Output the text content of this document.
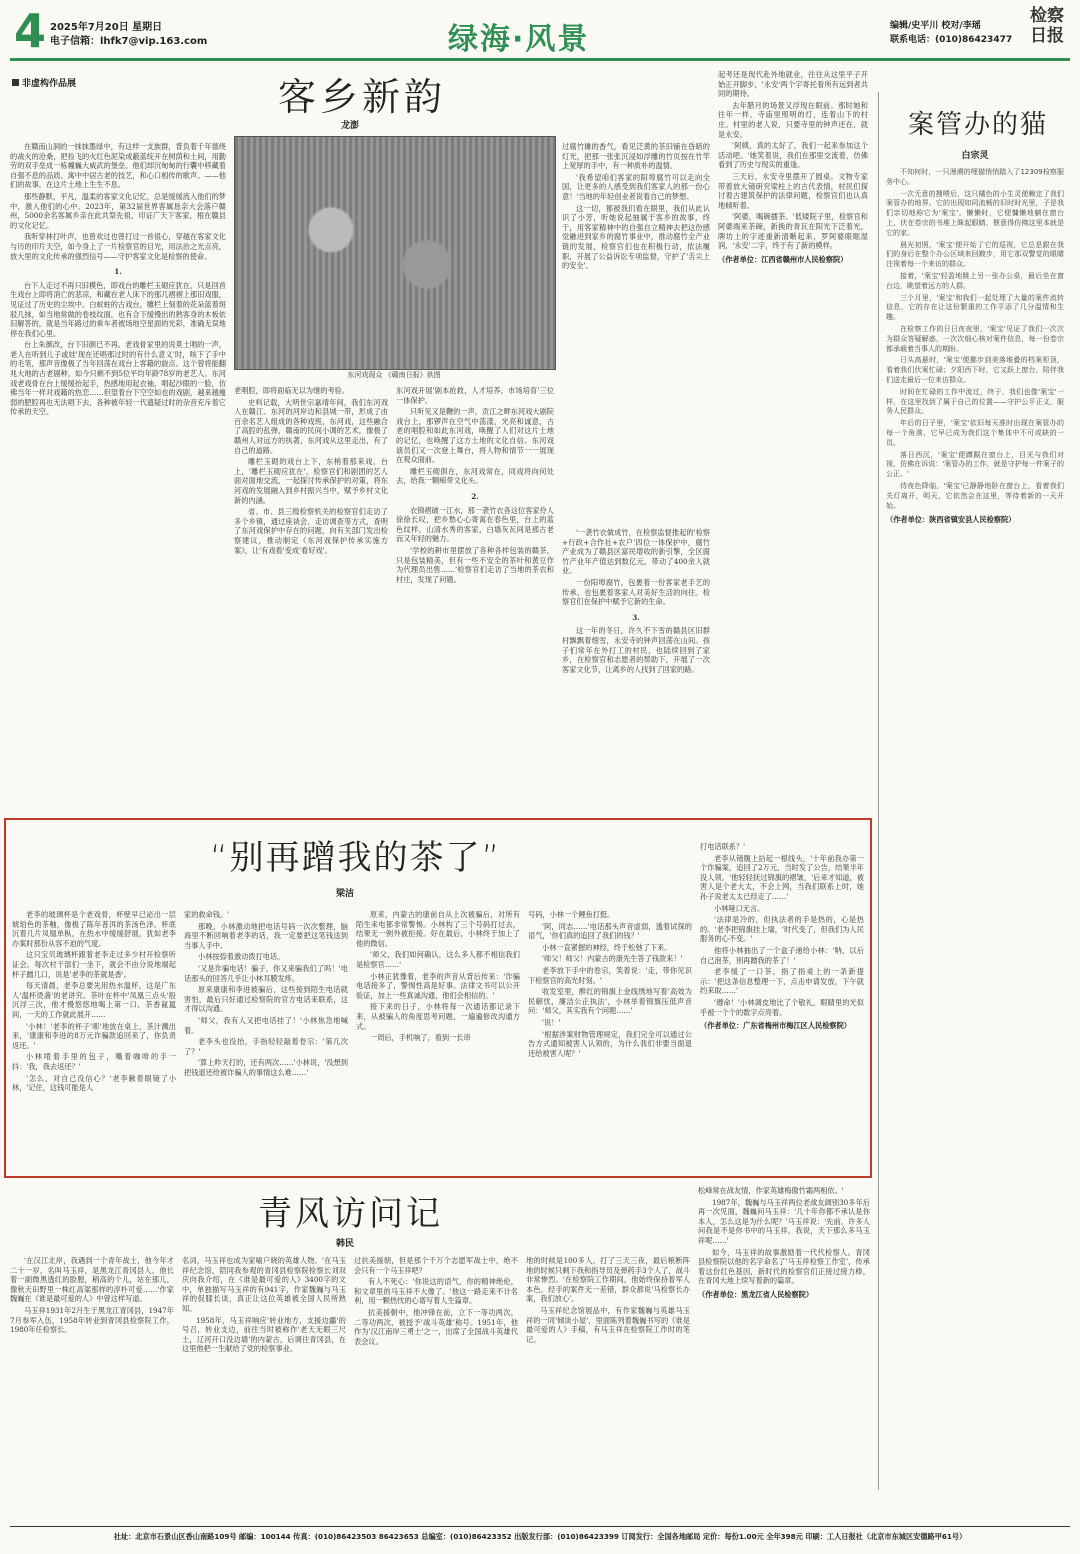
4 2025年7月20日 星期日
电子信箱：lhfk7@vip.163.com	绿海·风景	编辑/史平川 校对/李瑶
联系电话：(010)86423477
检察日报
非虚构作品展	客乡新韵
龙澎
东河戏现众 《赣南日报》供图

在赣南山洞的一抹抹墨绿中，有这样一支族群，背负着千年德绕的战火的沧桑，把捡飞的火红色泥染成蔽蓝绽开在树荫和土间，用勤劳的双手垒成一栋幢巍大威武的堡垒。他们却沉甸甸的行囊中移藏着自强不息的品质、寓中中居古老的技艺，和心口相传的歌声。——他们的故事，在这片土地上生生不息。

那些静默，平凡，温柔的客家文化记忆，总是缓缓流入他们的梦中，激入他们的心中。2023年，第32届世界客属恳亲大会落户赣州，5000余名客属乡亲在此共祭先祖，印证广天下客家，根在赣县的文化记忆。

我听穿林打叶声，也曾欢过也曾打过一首很心，穿越在客家文化与历的印片天空，如今身上了一片检察官的目光，用法治之光点亮，放大里的文化传承的强烈信号——守护客家文化是检察的使命。

1.

台下人走过不再只旧模色，即戏台的雕栏玉砌应犹在，只是回首生戏台上即将消亡的悲凉，和藏在老人床下的那几褶褶上那旧戏服，见证过了历史的尘埃中。白蚁蛀的古戏台，雕栏上刻着的花朵蓝着斑驳几抹，如当地常做的卷枝纹面，也有合下缓慢出的熟客身的木板依旧解答的，就是当年路过的乘车者被场地空星面的光彩，准确无误地停在我们心里。

台上朱颜改，台下旧颜已不再。老戏骨家里的说莫土唱的一声，老人在听到儿子或娃'现在还唱那过时的有什么意义'时，咳下了手中的毛笔，那声音像极了当年回荡在戏台上客籍的旋点。这个曾将能翻兆大地的古老剧种，如今只剩不到5位平均年龄78岁的老艺人。东河戏老戏骨在台上缓缓抬起手，热感地用起衣袖，唱起沙眼的一脸，仿佛当年一样对戏籍的热恋……但望着台下空空如也的戏剧，越来越瘦弱的肥腔再也无法唱下去，各种被年轻一代遗疑过时的杂音充斥着它传承的天空。

老唱腔，即将面临无以为继的考验。

史料记载，大明世宗嘉靖年间，我们东河戏人在赣江、东河的河岸边和县城一带，形成了由百余名艺人组成的各种戏班，东河戏，这些融合了高腔的乱弹，赣南的民间小调的艺术，像极了赣州人对远方的执著，东河戏从这里走出，有了自己的道路。

雕栏玉砌的戏台上下，东梢着那来戏，台上，'雕栏玉砌应犹在'，检察官们和剧团的艺人面对面地交流，一起探讨传承保护的对策，将东河戏的发展融入到乡村振兴当中，赋予乡村文化新的内涵。

省、市、县三级检察机关的检察官们走访了多个乡镇，通过座谈会、走访调查等方式，查明了东河戏保护中存在的问题，向有关部门发出检察建议，推动制定《东河戏保护传承实施方案》，让'有戏看'变成'看好戏'。

东河戏开展'剧本抢救，人才培养，市场培育'三位一体保护。

只听见又是鞭的一声，贡江之畔东河戏大剧院戏台上，那锣声在空气中荡漾，光亮和诚意，古老的唱腔和如此东河戏，唤醒了人们对这片土地的记忆，也唤醒了这方土地的文化自信。东河戏演员们又一次登上舞台，将人物和情节一一展现在观众面前。

雕栏玉砌俱在，东河戏常在，同戏将向何处去，给我一颗痴带文化头。

2.

衣锦褶破一江水，那一袭竹衣各这位客家伶人徐徐长叹，把乡愁心心寄寓在春色里，台上的蓝色纹样，山清水秀的客家，白墙灰瓦间是那古老而又年轻的魅力。

'学校的耕市里摆放了各种各样包装的赣茶，只是包装精美，但有一些不安全的茶叶和黄豆作为代理员出售……'检察官们走访了当地的茶农和村庄，发现了问题。

过腐竹摊的香气，看见泛黄的茶旧铺在昏暗的灯光，把那一张张沉浸如浮雕的竹页按在竹竿上宽厚的手中，有一种质朴的温情。

'我希望咱们客家的阳埠腐竹可以走向全国，让更多的人感受到我们客家人的那一份心意！'当地的年轻创业者说着自己的梦想。

这一切，都被我们看在眼里，我们从此认识了小芳，听她说起抽属于客乡的故事，终于，用客家精神中的自强自立精神去把这份感觉融进到家乡的腐竹事业中，推动腐竹全产业链的发展，检察官们也在积极行动，依法履职，开展了公益诉讼专项监督，守护了'舌尖上的安全'。

'一袭竹衣做成竹，在检察监督推起的'检察+行政+合作社+农户'四位一体保护中，腐竹产业成为了赣县区富民增收的新引擎，全区腐竹产业年产值达到数亿元，带动了400余人就业。

一份阳埠腐竹，包裹着一份客家老手艺的传承，也包裹着客家人对美好生活的向往。检察官们在保护中赋予它新的生命。

3.

这一年的冬日，许久不下雪的赣县区旧群村飘飘着细雪，永安寺的钟声回荡在山间。孩子们常年在外打工的村民，也陆续回到了家乡，在检察官和志愿者的帮助下，开展了一次客家文化节，让离乡的人找到了回家的路。

起考还是现代赴外地就业，往往从这里平子开始正开脚步，'永安'两个字寄托着所有远到者共同的期待。

去年腊月的场景又浮现在眼前。那时她和往年一样，寺庙里照明的灯，连着山下的村庄。村里的老人说，只要寺里的钟声还在，就是永安。

'阿姨，真的太好了，我们一起来参加这个活动吧。'她笑着说，我们在那里交流着，仿佛看到了历史与现实的重逢。

三天后，永安寺里摆开了圆桌。文物专家带着放大镜研究梁柱上的古代表情，村民们探讨着古建筑保护的法律问题，检察官们也认真地倾听着。

'阿婆，喝碗擂茶。'低矮院子里，检察官和阿婆端来茶碗，新换的青瓦在阳光下泛着光，牌坊上的字迹重新清晰起来，罗阿婆眼眶湿润，'永安'二字，终于有了新的模样。

（作者单位：江西省赣州市人民检察院）
案管办的猫
白宗灵

不知何时，一只漫溯的哩猫悄悄踏入了12309检察服务中心。

一次无意的搜喂后，这只橘色的小生灵便赖定了我们案管办的地界。它的出现如同流畅的旧时时光里，子是我们亲切地称它为'案宝'。懒懒时，它便慵懒地躺在窗台上，伏在卷宗的书堆上眯起眼睛，惬意得仿佛这里本就是它的家。

晨光初照，'案宝'便开始了它的巡视，它总是跟在我们的身后在整个办公区域来回踱步，用它那双警觉的眼睛注视着每一个来访的群众。

接着，'案宝'轻盈地跳上另一张办公桌，最后坐在窗台边，眺望着远方的人群。

三个月里，'案宝'和我们一起处理了大量的案件流转信息，它的存在让这份繁重的工作平添了几分温情和生趣。

在检察工作的日日夜夜里，'案宝'见证了我们一次次为群众答疑解惑，一次次细心核对案件信息，每一份卷宗都承载着当事人的期盼。

日头高悬时，'案宝'便挪步到美落堆叠的档案柜顶，看着我们伏案忙碌；夕阳西下时，它又跃上窗台，陪伴我们送走最后一位来访群众。

时间在忙碌的工作中流过，终于，我们也像'案宝'一样，在这里找到了属于自己的位置——守护公平正义，服务人民群众。

年后的日子里，'案宝'依旧每天准时出现在案管办的每一个角落，它早已成为我们这个集体中不可或缺的一员。

落日西沉，'案宝'便蹲踞在窗台上，目光与我们对视，仿佛在诉说：'案管办的工作，就是守护每一件案子的公正。'

待夜色降临，'案宝'已静静地卧在窗台上，看着我们关灯离开，明天，它依然会在这里，等待着新的一天开始。

（作者单位：陕西省镇安县人民检察院）
“别再蹭我的茶了”
梁洁

老李的玻璃杯是个老戏骨，杯壁早已泌出一层琥珀色的茶釉，像极了陈年普洱的茶汤色泽。杯底沉着几片凤凰单枞，在热水中缓缓舒展，犹如老李办案时那份从容不迫的气度。

这只宝贝玻璃杯跟着老李走过多少村开检察听证会。每次村干部们一坐下，就会不由分说地端起杯子蹭几口，说是'老李的茶就是香'。

每天清晨，老李总要先用热水温杯，这是广东人'温杯烫盏'的老讲究。茶叶在杯中'凤凰三点头'般沉浮三次，他才慢悠悠地喝上第一口，茶香氤氲间，一天的工作就此展开……

'小林！'老李的杯子'嘭'地放在桌上，茶汁溅出来，'康康和李进的8万元诈骗款追回来了，你负责返还。'

小林啃着手里的包子，嘴着咖啡的手一抖：'我，我去返还？'

'怎么，对自己没信心？'老李瞅着眼镜了小林，'记住，这钱可能是人

家的救命钱。'

那晚，小林激动地把电话号码一次次整理，脑海里不断回响着老李的话，我一定要把这笔钱送到当事人手中。

小林按捺着激动拨打电话。

'又是诈骗电话！骗子，你又来骗我们了吗！'电话那头的回答几乎让小林耳膜发疼。

原来康康和李进被骗后，这些接到陌生电话就害怕，最后只好通过检察院的官方电话来联系，这才得以沟通。

'师父，我有人又把电话挂了！'小林焦急地喊着。

老李头也没抬，手指轻轻敲着卷宗：'第几次了？'

'算上昨天打的，还有两次……'小林说，'没想到把钱退还给被诈骗人的事情这么难……'

原来，内蒙古的康前自从上次被骗后，对所有陌生来电都非常警惕。小林构了三个号码打过去，结果无一例外被拒接。好在最后，小林终于加上了他的微信。

'师父，我们如何确认，这么多人都不相信我们是检察官……'

小林正犹豫着，老李的声音从背后传来：'诈骗电话接多了，警惕性高是好事。法律文书可以公开验证，加上一些真诚沟通，他们会相信的。'

接下来的日子，小林将每一次通话都记录下来，从被骗人的角度思考问题，一遍遍修改沟通方式。

一周后，手机响了，看到一长串

号码，小林一个鲤鱼打挺。

'阿，同志……'电话那头声音虚弱，透着试探的语气，'你们真的追回了我们的钱？'

小林一直紧握的神经，终于松弛了下来。

'师父！师父！内蒙古的康先生答了钱款来！'

老李放下手中的卷宗，笑着说：'走，带你见识下检察官的高光时刻。'

收发室里，醉红的锦旗上金线绣地写着'高效为民解忧，廉洁公正执法'，小林举着锦旗压低声音问：'师父，其实我有个问题……'

'说！'

'根据涉案财物管理规定，我们完全可以通过公告方式通知被害人认领的，为什么我们非要当面退还给被害人呢？'

打电话联系？'

老李从镜腹上拈起一根线头，'十年前我办第一个诈骗案，追回了2万元，当时发了公告，结果半年没人领。'他轻轻抚过锦旗的褶皱，'后来才知道，被害人是个老大太，不会上网，当我们联系上时，她孙子说老太太已经走了……'

小林哑口无言。

'法律是冷的，但执法者的手是热的，心是热的。'老李把锦旗挂上墙，'时代变了，但我们为人民服务的心不变。'

他将小林抽出了一个盒子递给小林：'呐，以后自己泡茶，别再蹭我的茶了！'

老李缓了一口茶，指了指桌上的一条新提示：'把这条信息整理一下，点击申请发放，下午就约来取……'

'遵命！'小林调皮地比了个敬礼，眼睛里的光似乎被一个个的数字点亮着。

（作者单位：广东省梅州市梅江区人民检察院）
青风访问记
韩民

'在汉江北岸，我遇到一个青年战士，他今年才二十一岁，名叫马玉祥，是黑龙江青冈县人。他长着一副微黑透红的脸膛，稍高的个儿，站在那儿，像秋天田野里一株红高粱那样的淳朴可爱……'作家魏巍在《谁是最可爱的人》中曾这样写道。

马玉祥1931年2月生于黑龙江青冈县，1947年7月参军入伍，1958年转业到青冈县检察院工作，1980年任检察长。

名词，马玉祥也成为家喻户晓的英雄人物。'在马玉祥纪念馆，陪同我参观的青冈县检察院检察长刘双庆向我介绍，在《谁是最可爱的人》3400字的文中，单独描写马玉祥的有941字，作家魏巍与马玉祥的促膝长谈，真正让这位英雄被全国人民所熟知。

1958年，马玉祥响应'转业地方，支援边疆'的号召，转业支边，前往当时被称作'老天无眼三尺土，辽河开口没边墙'的内蒙古，后调往青冈县，在这里他把一生献给了党的检察事业。

过抗美援朝，但是那个千万个志愿军战士中，绝不会只有一个马玉祥吧？

有人不死心：'你说这的语气，你的精神绝伦，和文章里的马玉祥不大像了。'他这一路走来不计名利，用一颗热忱的心谱写着人生篇章。

抗美援朝中，他冲锋在前，立下一等功两次，二等功两次，被授予'战斗英雄'称号。1951年，他作为'汉江南岸三勇士'之一，出席了全国战斗英雄代表会议。

地的时候是100多人，打了三天三夜，最后粮断阵地的时候只剩下我和指导员及弹药手3个人了，战斗非常惨烈。'在检察院工作期间，他始终保持着军人本色，经手的案件无一差错，群众都说'马检察长办案，我们放心'。

马玉祥纪念馆展品中，有作家魏巍与英雄马玉祥的一同'倾谈小屋'，里面陈列着魏巍书写的《谁是最可爱的人》手稿，有马玉祥在检察院工作时的笔记。

松峰常在战友情，作家英雄梅傲竹霜两相依。'

1987年，魏巍与马玉祥两位老战友阔别30多年后再一次见面，魏巍问马玉祥：'几十年你都不承认是你本人，怎么这是为什么呢？'马玉祥说：'先前，许多人问我是不是你书中的马玉祥，我说，天下那么多马玉祥呢……'

如今，马玉祥的故事激励着一代代检察人。青冈县检察院以他的名字命名了'马玉祥检察工作室'，传承着这份红色基因，新时代的检察官们正接过接力棒，在青冈大地上续写着新的篇章。

（作者单位：黑龙江省人民检察院）
社址：北京市石景山区香山南路109号 邮编：100144 传真：(010)86423503 86423653 总编室：(010)86423352 出版发行部：(010)86423399 订阅发行：全国各地邮局 定价：每份1.00元 全年398元 印刷：工人日报社（北京市东城区安德路甲61号）
